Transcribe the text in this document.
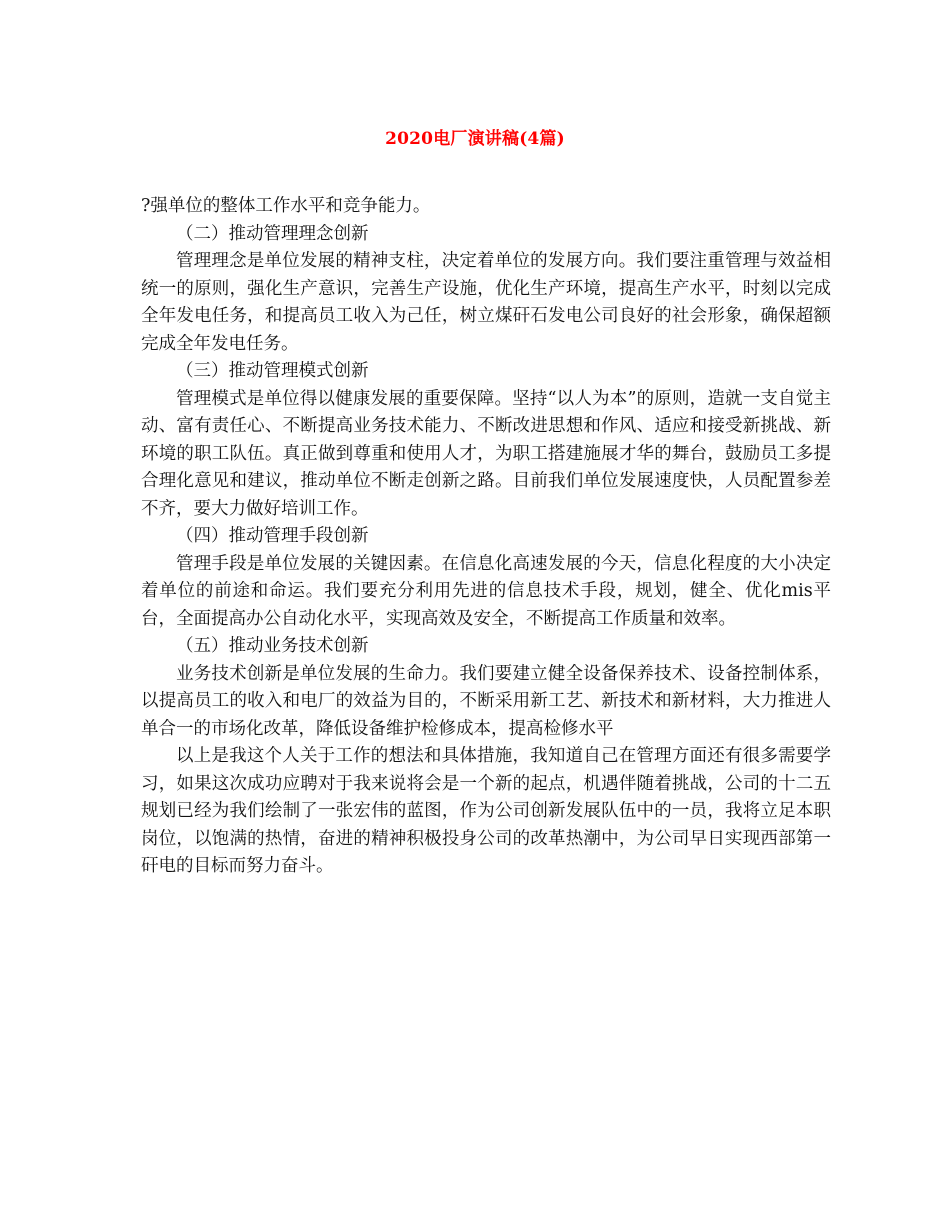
2020电厂演讲稿(4篇)

?强单位的整体工作水平和竞争能力。

（二）推动管理理念创新

管理理念是单位发展的精神支柱，决定着单位的发展方向。我们要注重管理与效益相统一的原则，强化生产意识，完善生产设施，优化生产环境，提高生产水平，时刻以完成全年发电任务，和提高员工收入为己任，树立煤矸石发电公司良好的社会形象，确保超额完成全年发电任务。

（三）推动管理模式创新

管理模式是单位得以健康发展的重要保障。坚持“以人为本”的原则，造就一支自觉主动、富有责任心、不断提高业务技术能力、不断改进思想和作风、适应和接受新挑战、新环境的职工队伍。真正做到尊重和使用人才，为职工搭建施展才华的舞台，鼓励员工多提合理化意见和建议，推动单位不断走创新之路。目前我们单位发展速度快，人员配置参差不齐，要大力做好培训工作。

（四）推动管理手段创新

管理手段是单位发展的关键因素。在信息化高速发展的今天，信息化程度的大小决定着单位的前途和命运。我们要充分利用先进的信息技术手段，规划，健全、优化mis平台，全面提高办公自动化水平，实现高效及安全，不断提高工作质量和效率。

（五）推动业务技术创新

业务技术创新是单位发展的生命力。我们要建立健全设备保养技术、设备控制体系，以提高员工的收入和电厂的效益为目的，不断采用新工艺、新技术和新材料，大力推进人单合一的市场化改革，降低设备维护检修成本，提高检修水平

以上是我这个人关于工作的想法和具体措施，我知道自己在管理方面还有很多需要学习，如果这次成功应聘对于我来说将会是一个新的起点，机遇伴随着挑战，公司的十二五规划已经为我们绘制了一张宏伟的蓝图，作为公司创新发展队伍中的一员，我将立足本职岗位，以饱满的热情，奋进的精神积极投身公司的改革热潮中，为公司早日实现西部第一矸电的目标而努力奋斗。
